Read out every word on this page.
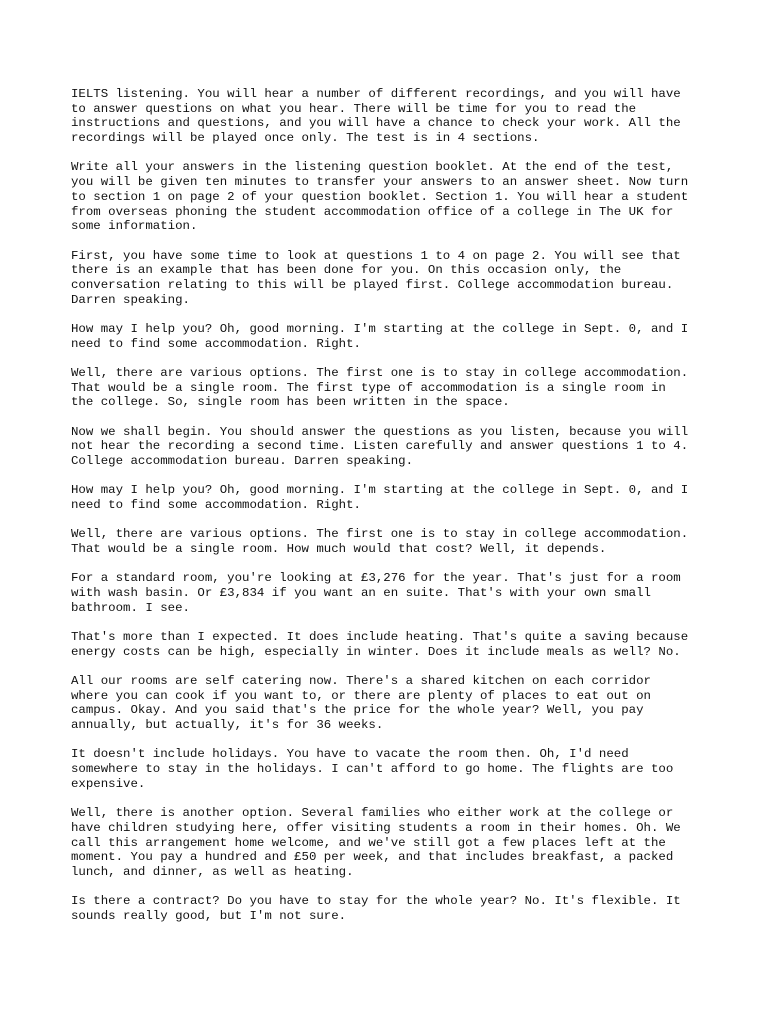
IELTS listening. You will hear a number of different recordings, and you will have
to answer questions on what you hear. There will be time for you to read the
instructions and questions, and you will have a chance to check your work. All the
recordings will be played once only. The test is in 4 sections.

Write all your answers in the listening question booklet. At the end of the test,
you will be given ten minutes to transfer your answers to an answer sheet. Now turn
to section 1 on page 2 of your question booklet. Section 1. You will hear a student
from overseas phoning the student accommodation office of a college in The UK for
some information.

First, you have some time to look at questions 1 to 4 on page 2. You will see that
there is an example that has been done for you. On this occasion only, the
conversation relating to this will be played first. College accommodation bureau.
Darren speaking.

How may I help you? Oh, good morning. I'm starting at the college in Sept. 0, and I
need to find some accommodation. Right.

Well, there are various options. The first one is to stay in college accommodation.
That would be a single room. The first type of accommodation is a single room in
the college. So, single room has been written in the space.

Now we shall begin. You should answer the questions as you listen, because you will
not hear the recording a second time. Listen carefully and answer questions 1 to 4.
College accommodation bureau. Darren speaking.

How may I help you? Oh, good morning. I'm starting at the college in Sept. 0, and I
need to find some accommodation. Right.

Well, there are various options. The first one is to stay in college accommodation.
That would be a single room. How much would that cost? Well, it depends.

For a standard room, you're looking at £3,276 for the year. That's just for a room
with wash basin. Or £3,834 if you want an en suite. That's with your own small
bathroom. I see.

That's more than I expected. It does include heating. That's quite a saving because
energy costs can be high, especially in winter. Does it include meals as well? No.

All our rooms are self catering now. There's a shared kitchen on each corridor
where you can cook if you want to, or there are plenty of places to eat out on
campus. Okay. And you said that's the price for the whole year? Well, you pay
annually, but actually, it's for 36 weeks.

It doesn't include holidays. You have to vacate the room then. Oh, I'd need
somewhere to stay in the holidays. I can't afford to go home. The flights are too
expensive.

Well, there is another option. Several families who either work at the college or
have children studying here, offer visiting students a room in their homes. Oh. We
call this arrangement home welcome, and we've still got a few places left at the
moment. You pay a hundred and £50 per week, and that includes breakfast, a packed
lunch, and dinner, as well as heating.

Is there a contract? Do you have to stay for the whole year? No. It's flexible. It
sounds really good, but I'm not sure.
